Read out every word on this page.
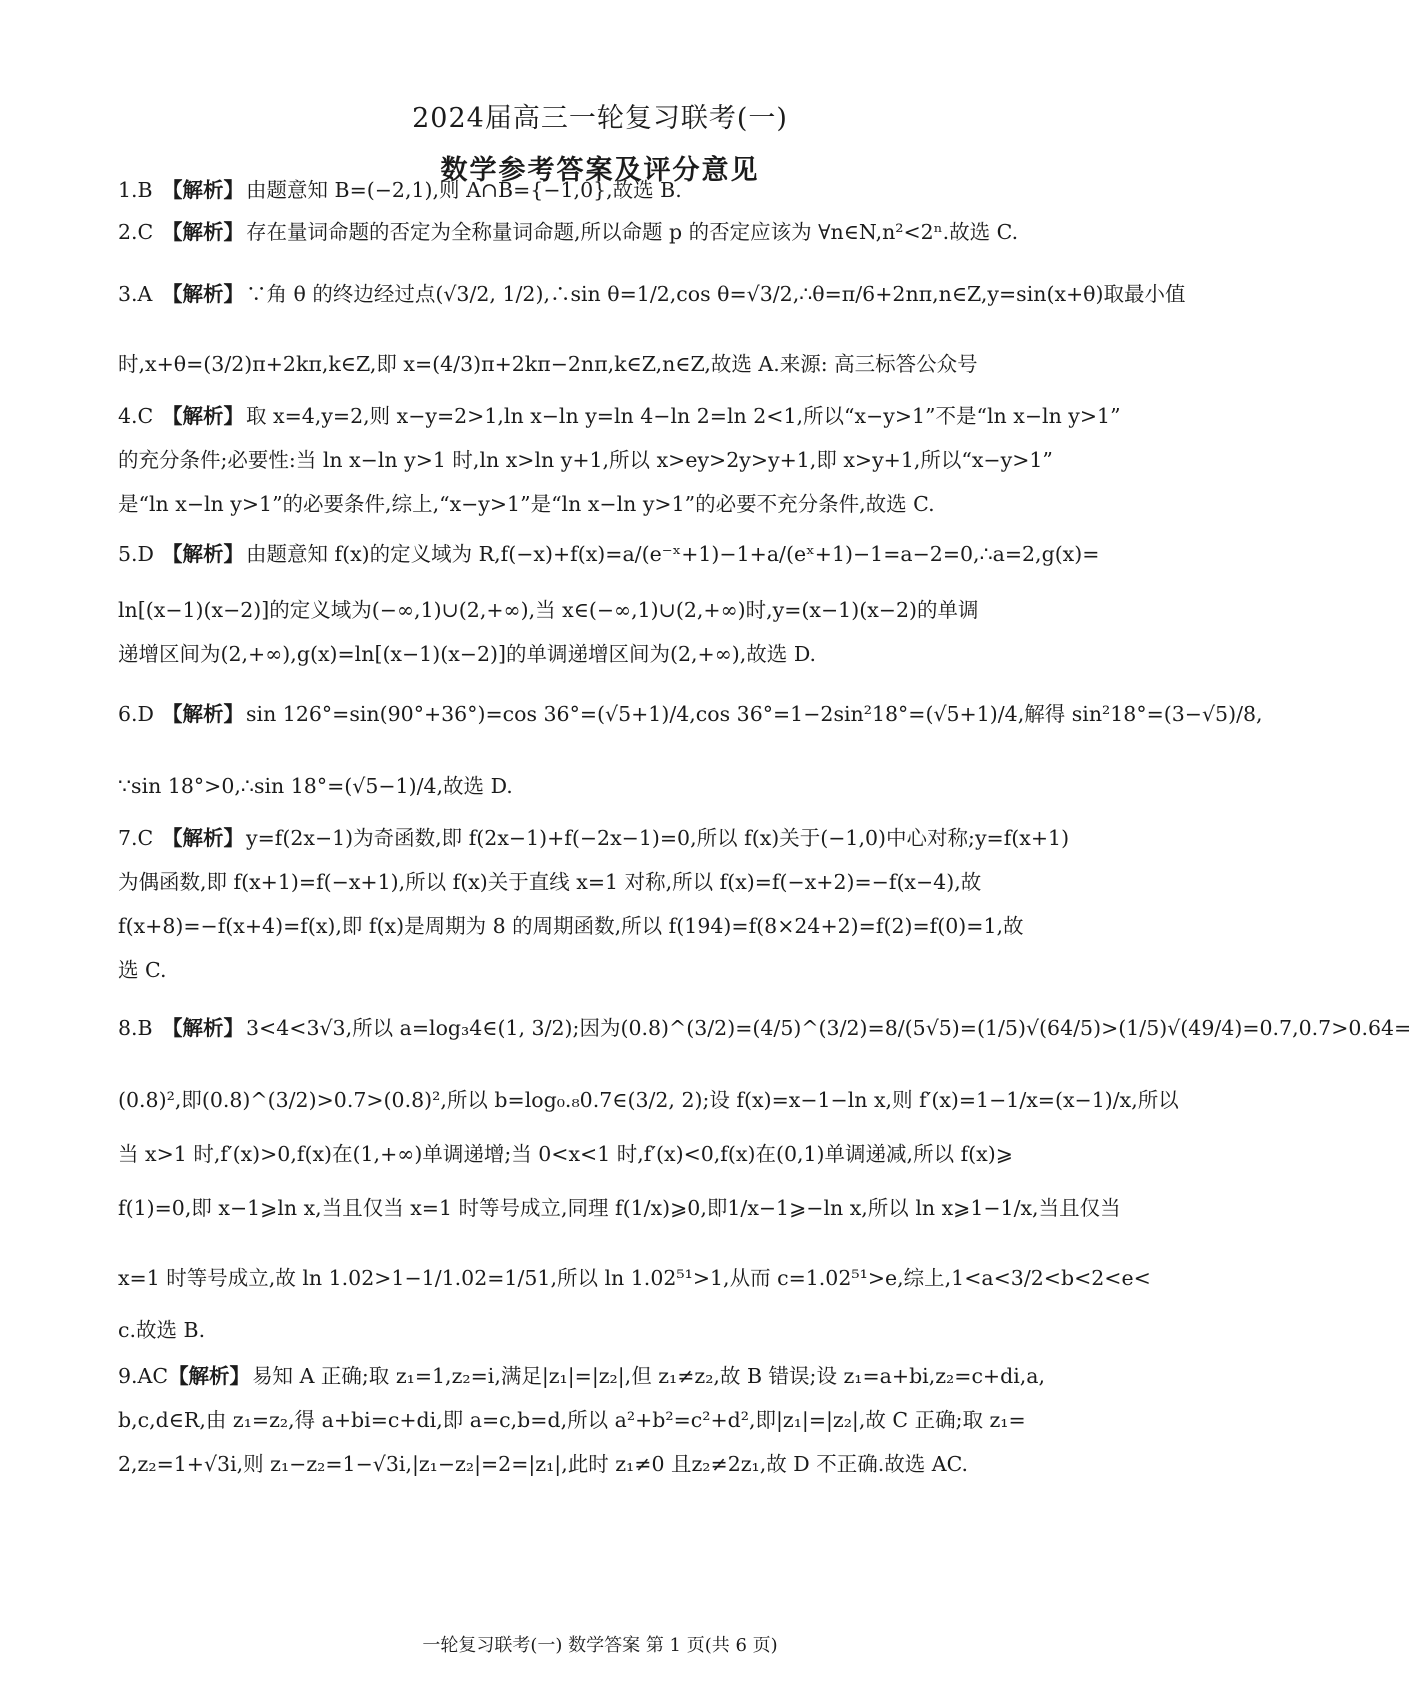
2024届高三一轮复习联考(一)
数学参考答案及评分意见
1.B 【解析】由题意知 B=(−2,1),则 A∩B={−1,0},故选 B.
2.C 【解析】存在量词命题的否定为全称量词命题,所以命题 p 的否定应该为 ∀n∈N,n²<2ⁿ.故选 C.
3.A 【解析】∵角 θ 的终边经过点(√3/2, 1/2),∴sin θ=1/2,cos θ=√3/2,∴θ=π/6+2nπ,n∈Z,y=sin(x+θ)取最小值
时,x+θ=(3/2)π+2kπ,k∈Z,即 x=(4/3)π+2kπ−2nπ,k∈Z,n∈Z,故选 A.来源: 高三标答公众号
4.C 【解析】取 x=4,y=2,则 x−y=2>1,ln x−ln y=ln 4−ln 2=ln 2<1,所以“x−y>1”不是“ln x−ln y>1”
的充分条件;必要性:当 ln x−ln y>1 时,ln x>ln y+1,所以 x>ey>2y>y+1,即 x>y+1,所以“x−y>1”
是“ln x−ln y>1”的必要条件,综上,“x−y>1”是“ln x−ln y>1”的必要不充分条件,故选 C.
5.D 【解析】由题意知 f(x)的定义域为 R,f(−x)+f(x)=a/(e⁻ˣ+1)−1+a/(eˣ+1)−1=a−2=0,∴a=2,g(x)=
ln[(x−1)(x−2)]的定义域为(−∞,1)∪(2,+∞),当 x∈(−∞,1)∪(2,+∞)时,y=(x−1)(x−2)的单调
递增区间为(2,+∞),g(x)=ln[(x−1)(x−2)]的单调递增区间为(2,+∞),故选 D.
6.D 【解析】sin 126°=sin(90°+36°)=cos 36°=(√5+1)/4,cos 36°=1−2sin²18°=(√5+1)/4,解得 sin²18°=(3−√5)/8,
∵sin 18°>0,∴sin 18°=(√5−1)/4,故选 D.
7.C 【解析】y=f(2x−1)为奇函数,即 f(2x−1)+f(−2x−1)=0,所以 f(x)关于(−1,0)中心对称;y=f(x+1)
为偶函数,即 f(x+1)=f(−x+1),所以 f(x)关于直线 x=1 对称,所以 f(x)=f(−x+2)=−f(x−4),故
f(x+8)=−f(x+4)=f(x),即 f(x)是周期为 8 的周期函数,所以 f(194)=f(8×24+2)=f(2)=f(0)=1,故
选 C.
8.B 【解析】3<4<3√3,所以 a=log₃4∈(1, 3/2);因为(0.8)^(3/2)=(4/5)^(3/2)=8/(5√5)=(1/5)√(64/5)>(1/5)√(49/4)=0.7,0.7>0.64=
(0.8)²,即(0.8)^(3/2)>0.7>(0.8)²,所以 b=log₀.₈0.7∈(3/2, 2);设 f(x)=x−1−ln x,则 f′(x)=1−1/x=(x−1)/x,所以
当 x>1 时,f′(x)>0,f(x)在(1,+∞)单调递增;当 0<x<1 时,f′(x)<0,f(x)在(0,1)单调递减,所以 f(x)⩾
f(1)=0,即 x−1⩾ln x,当且仅当 x=1 时等号成立,同理 f(1/x)⩾0,即1/x−1⩾−ln x,所以 ln x⩾1−1/x,当且仅当
x=1 时等号成立,故 ln 1.02>1−1/1.02=1/51,所以 ln 1.02⁵¹>1,从而 c=1.02⁵¹>e,综上,1<a<3/2<b<2<e<
c.故选 B.
9.AC【解析】易知 A 正确;取 z₁=1,z₂=i,满足|z₁|=|z₂|,但 z₁≠z₂,故 B 错误;设 z₁=a+bi,z₂=c+di,a,
b,c,d∈R,由 z₁=z₂,得 a+bi=c+di,即 a=c,b=d,所以 a²+b²=c²+d²,即|z₁|=|z₂|,故 C 正确;取 z₁=
2,z₂=1+√3i,则 z₁−z₂=1−√3i,|z₁−z₂|=2=|z₁|,此时 z₁≠0 且z₂≠2z₁,故 D 不正确.故选 AC.
一轮复习联考(一) 数学答案 第 1 页(共 6 页)
